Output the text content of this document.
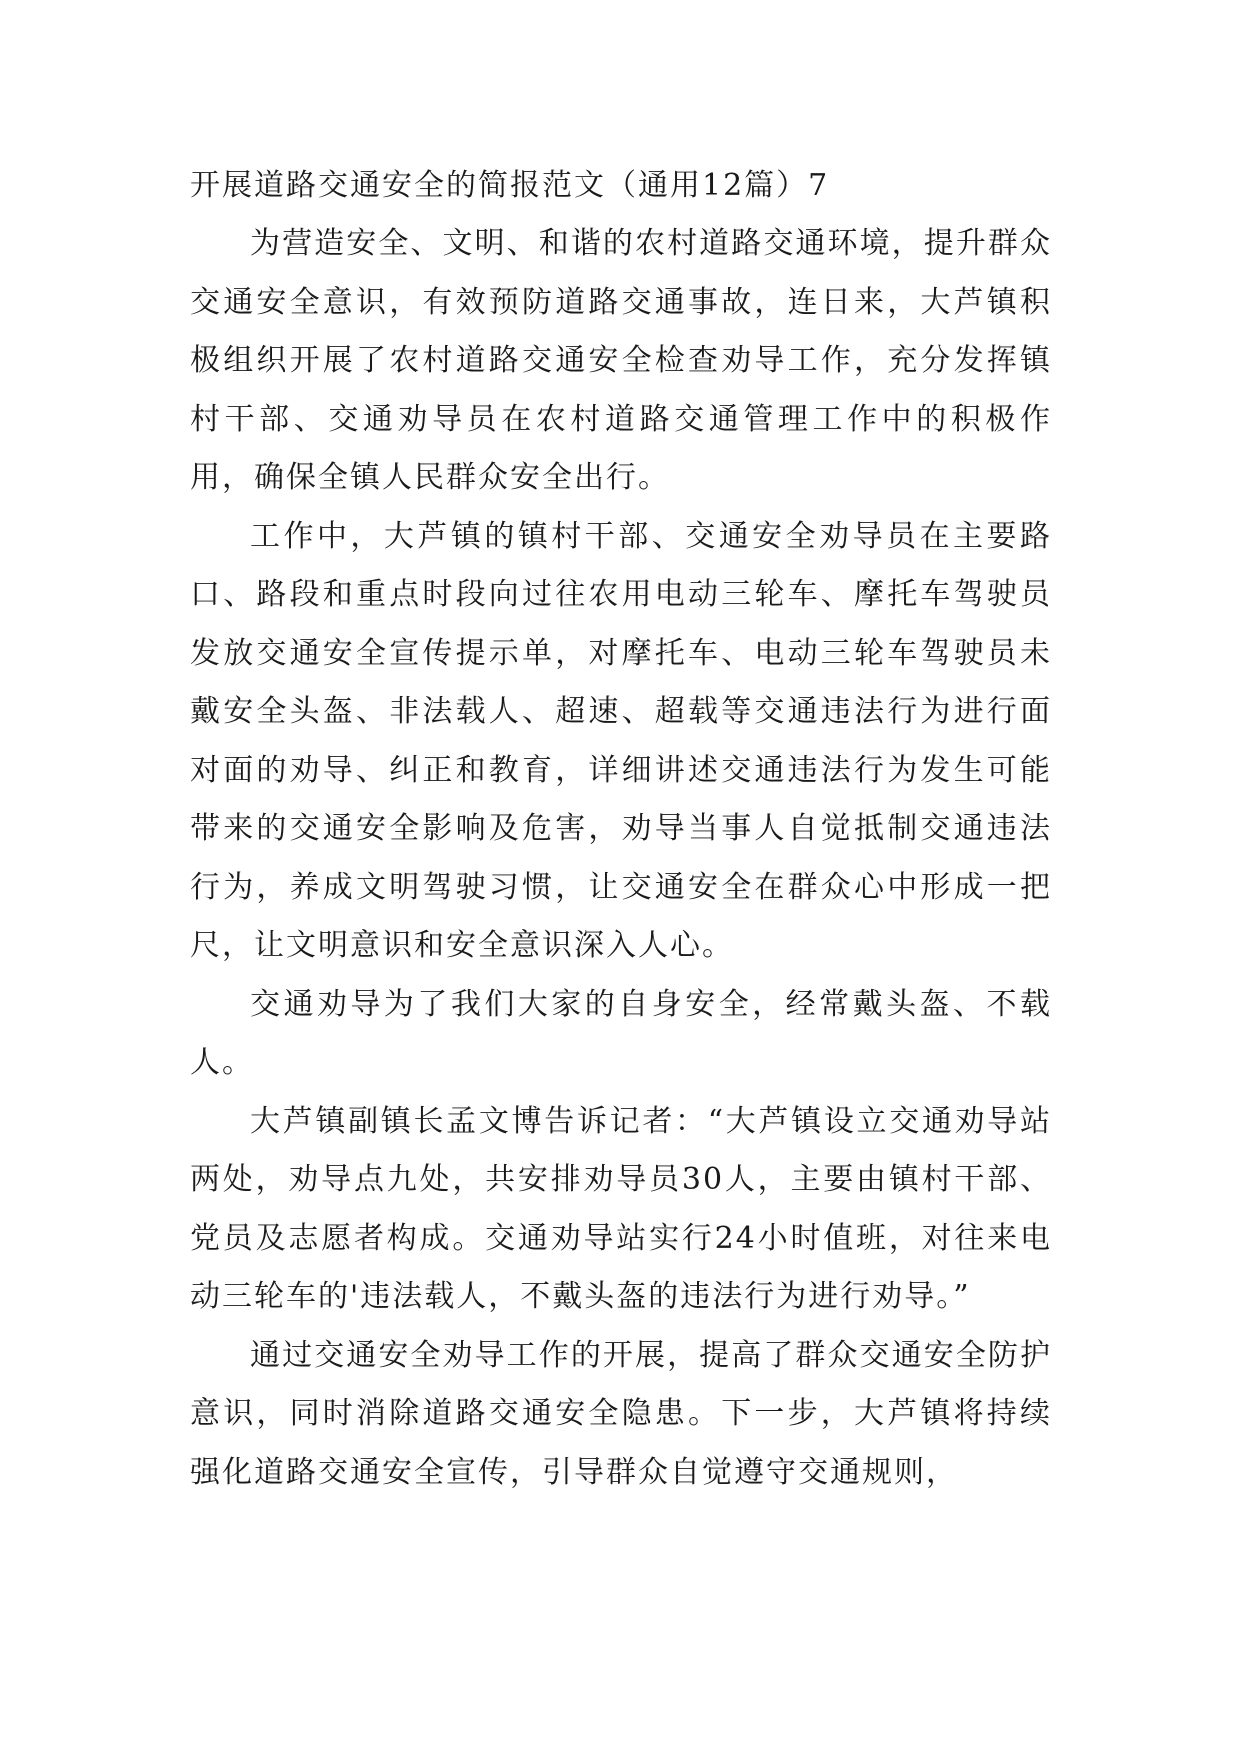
开展道路交通安全的简报范文（通用12篇）7

为营造安全、文明、和谐的农村道路交通环境，提升群众交通安全意识，有效预防道路交通事故，连日来，大芦镇积极组织开展了农村道路交通安全检查劝导工作，充分发挥镇村干部、交通劝导员在农村道路交通管理工作中的积极作用，确保全镇人民群众安全出行。

工作中，大芦镇的镇村干部、交通安全劝导员在主要路口、路段和重点时段向过往农用电动三轮车、摩托车驾驶员发放交通安全宣传提示单，对摩托车、电动三轮车驾驶员未戴安全头盔、非法载人、超速、超载等交通违法行为进行面对面的劝导、纠正和教育，详细讲述交通违法行为发生可能带来的交通安全影响及危害，劝导当事人自觉抵制交通违法行为，养成文明驾驶习惯，让交通安全在群众心中形成一把尺，让文明意识和安全意识深入人心。

交通劝导为了我们大家的自身安全，经常戴头盔、不载人。

大芦镇副镇长孟文博告诉记者：“大芦镇设立交通劝导站两处，劝导点九处，共安排劝导员30人，主要由镇村干部、党员及志愿者构成。交通劝导站实行24小时值班，对往来电动三轮车的'违法载人，不戴头盔的违法行为进行劝导。”

通过交通安全劝导工作的开展，提高了群众交通安全防护意识，同时消除道路交通安全隐患。下一步，大芦镇将持续强化道路交通安全宣传，引导群众自觉遵守交通规则，
